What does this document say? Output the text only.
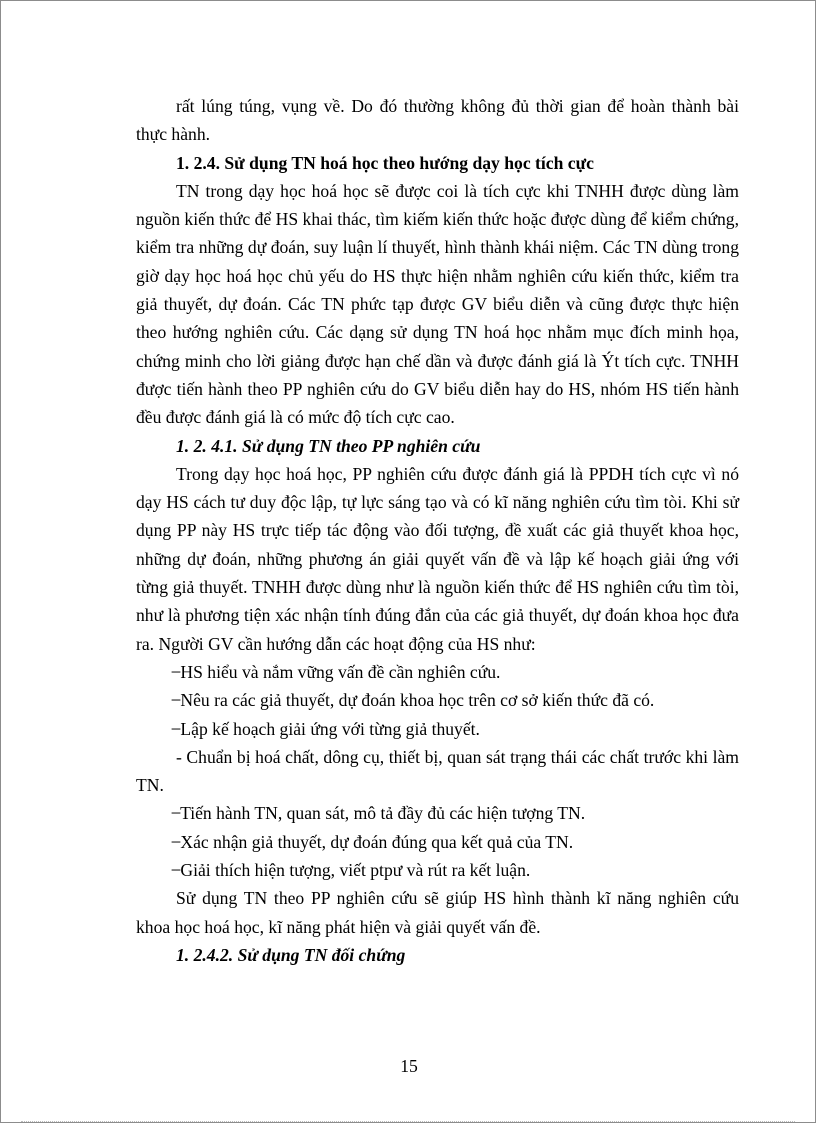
rất lúng túng, vụng về. Do đó thường không đủ thời gian để hoàn thành bài thực hành.

1. 2.4. Sử dụng TN hoá học theo hướng dạy học tích cực

TN trong dạy học hoá học sẽ được coi là tích cực khi TNHH được dùng làm nguồn kiến thức để HS khai thác, tìm kiếm kiến thức hoặc được dùng để kiểm chứng, kiểm tra những dự đoán, suy luận lí thuyết, hình thành khái niệm. Các TN dùng trong giờ dạy học hoá học chủ yếu do HS thực hiện nhằm nghiên cứu kiến thức, kiểm tra giả thuyết, dự đoán. Các TN phức tạp được GV biểu diễn và cũng được thực hiện theo hướng nghiên cứu. Các dạng sử dụng TN hoá học nhằm mục đích minh họa, chứng minh cho lời giảng được hạn chế dần và được đánh giá là Ýt tích cực. TNHH được tiến hành theo PP nghiên cứu do GV biểu diễn hay do HS, nhóm HS tiến hành đều được đánh giá là có mức độ tích cực cao.

1. 2. 4.1. Sử dụng TN theo PP nghiên cứu

Trong dạy học hoá học, PP nghiên cứu được đánh giá là PPDH tích cực vì nó dạy HS cách tư duy độc lập, tự lực sáng tạo và có kĩ năng nghiên cứu tìm tòi. Khi sử dụng PP này HS trực tiếp tác động vào đối tượng, đề xuất các giả thuyết khoa học, những dự đoán, những phương án giải quyết vấn đề và lập kế hoạch giải ứng với từng giả thuyết. TNHH được dùng như là nguồn kiến thức để HS nghiên cứu tìm tòi, như là phương tiện xác nhận tính đúng đắn của các giả thuyết, dự đoán khoa học đưa ra. Người GV cần hướng dẫn các hoạt động của HS như:

̶ HS hiểu và nắm vững vấn đề cần nghiên cứu.

̶ Nêu ra các giả thuyết, dự đoán khoa học trên cơ sở kiến thức đã có.

̶ Lập kế hoạch giải ứng với từng giả thuyết.

- Chuẩn bị hoá chất, dông cụ, thiết bị, quan sát trạng thái các chất trước khi làm TN.

̶ Tiến hành TN, quan sát, mô tả đầy đủ các hiện tượng TN.

̶ Xác nhận giả thuyết, dự đoán đúng qua kết quả của TN.

̶ Giải thích hiện tượng, viết ptpư và rút ra kết luận.

Sử dụng TN theo PP nghiên cứu sẽ giúp HS hình thành kĩ năng nghiên cứu khoa học hoá học, kĩ năng phát hiện và giải quyết vấn đề.

1. 2.4.2. Sử dụng TN đối chứng

15
